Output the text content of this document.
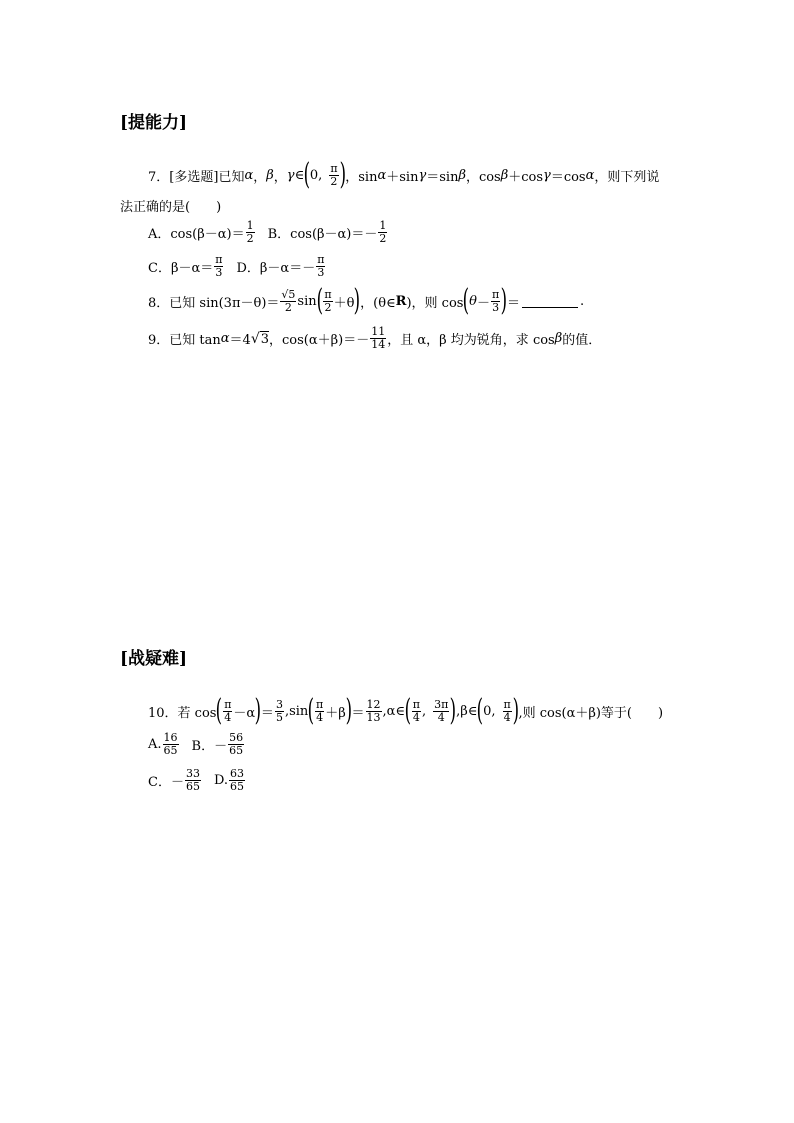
[提能力]
7． [多选题] 已知 α ， β ， γ ∈ ( 0, $\frac{\pi}{2}$ ) ，sin α ＋sin γ ＝sin β ，cos β ＋cos γ ＝cos α ，则下列说
法正确的是(　　)
A．$\cos(\beta-\alpha)= \frac{1}{2}$ B．$\cos(\beta-\alpha)=- \frac{1}{2}$
C．$\beta-\alpha= \frac{\pi}{3}$ D．$\beta-\alpha=- \frac{\pi}{3}$
8． 已知 $\sin(3\pi-\theta)= \frac{√5}{2}$ sin ( $\frac{\pi}{2} +\theta$ ) ，(θ∈ R )，则 cos ( $\theta - \frac{\pi}{3}$ ) ＝	.
9． 已知 tan α ＝4 √ 3 ，$\cos(\alpha+\beta)=- \frac{11}{14}$ ，且 α，β 均为锐角，求 cos β 的值．
[战疑难]
10． 若 cos ( $\frac{\pi}{4} -\alpha$ ) ＝ $\frac{3}{5} ,\sin$ ( $\frac{\pi}{4} +\beta$ ) ＝ $\frac{12}{13}$ ,α∈ ( $\frac{\pi}{4}$ , $\frac{3\pi}{4}$ ) ,β∈ ( 0, $\frac{\pi}{4}$ ) ,则 cos(α＋β)等于(　　)
A. $\frac{16}{65}$ B．－ $\frac{56}{65}$
C．－ $\frac{33}{65} D$. $\frac{63}{65}$
